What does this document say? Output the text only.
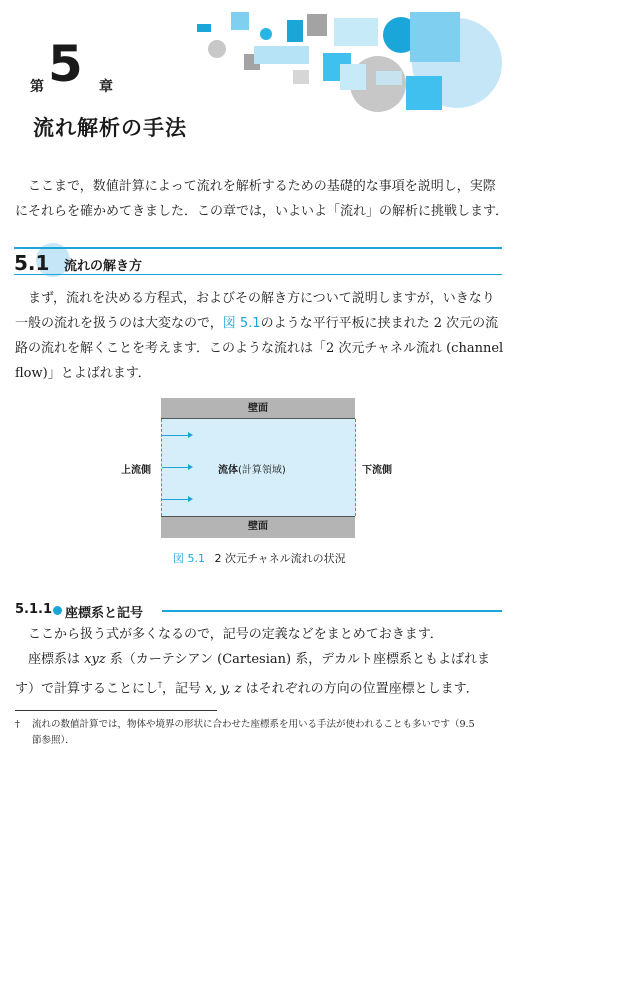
第 5 章
流れ解析の手法
ここまで，数値計算によって流れを解析するための基礎的な事項を説明し，実際
にそれらを確かめてきました．この章では，いよいよ「流れ」の解析に挑戦します．
5.1 流れの解き方
まず，流れを決める方程式，およびその解き方について説明しますが，いきなり
一般の流れを扱うのは大変なので，図 5.1のような平行平板に挟まれた 2 次元の流
路の流れを解くことを考えます．このような流れは「2 次元チャネル流れ (channel
flow)」とよばれます．
壁面
流体(計算領域)
壁面
上流側	下流側
図 5.1 2 次元チャネル流れの状況
5.1.1 座標系と記号
ここから扱う式が多くなるので，記号の定義などをまとめておきます．
座標系は xyz 系（カーテシアン (Cartesian) 系，デカルト座標系ともよばれま
す）で計算することにし†，記号 x, y, z はそれぞれの方向の位置座標とします．
† 流れの数値計算では，物体や境界の形状に合わせた座標系を用いる手法が使われることも多いです（9.5
節参照）．
